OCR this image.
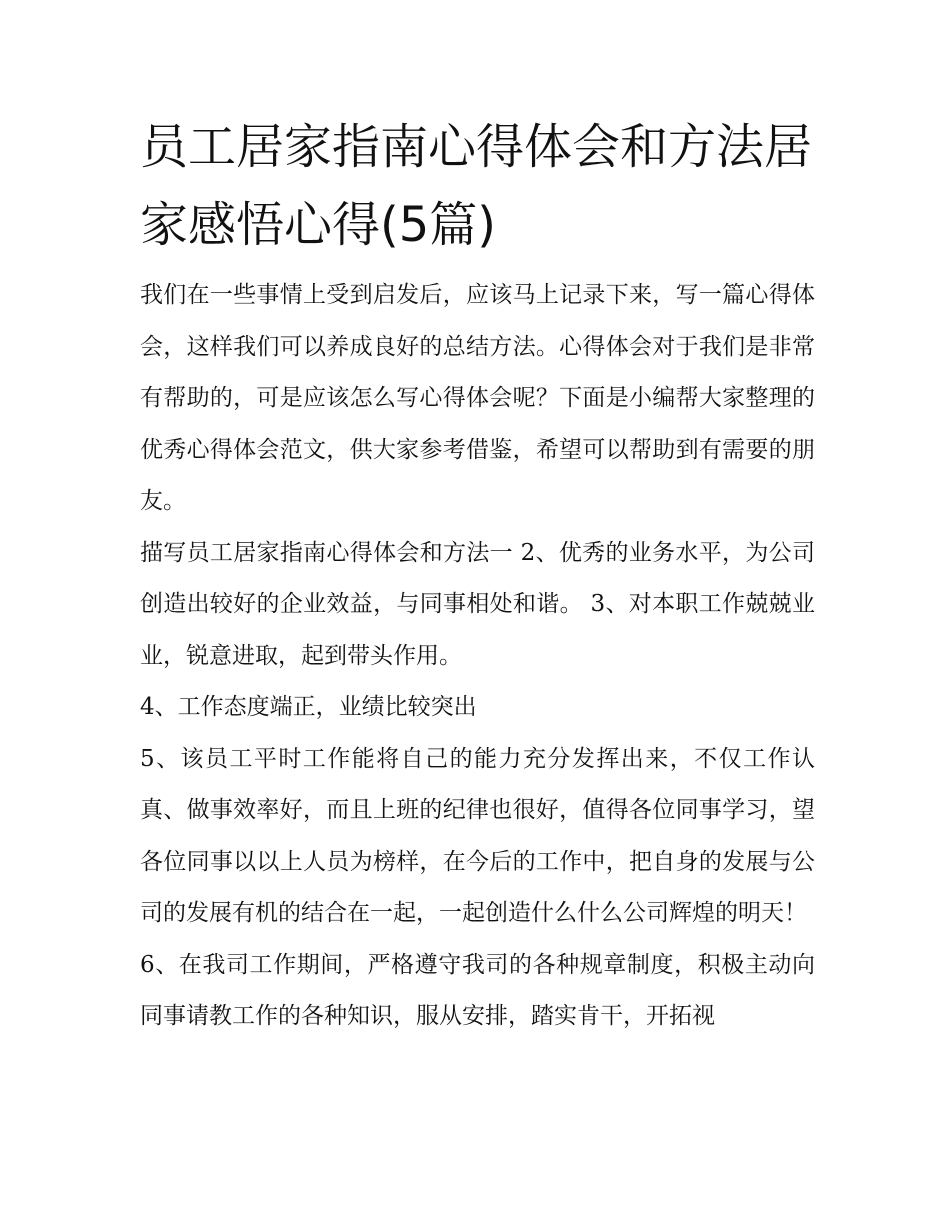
员工居家指南心得体会和方法居家感悟心得(5篇)

我们在一些事情上受到启发后，应该马上记录下来，写一篇心得体会，这样我们可以养成良好的总结方法。心得体会对于我们是非常有帮助的，可是应该怎么写心得体会呢？下面是小编帮大家整理的优秀心得体会范文，供大家参考借鉴，希望可以帮助到有需要的朋友。

描写员工居家指南心得体会和方法一 2、优秀的业务水平，为公司创造出较好的企业效益，与同事相处和谐。 3、对本职工作兢兢业业，锐意进取，起到带头作用。

4、工作态度端正，业绩比较突出

5、该员工平时工作能将自己的能力充分发挥出来，不仅工作认真、做事效率好，而且上班的纪律也很好，值得各位同事学习，望各位同事以以上人员为榜样，在今后的工作中，把自身的发展与公司的发展有机的结合在一起，一起创造什么什么公司辉煌的明天！

6、在我司工作期间，严格遵守我司的各种规章制度，积极主动向同事请教工作的各种知识，服从安排，踏实肯干，开拓视
